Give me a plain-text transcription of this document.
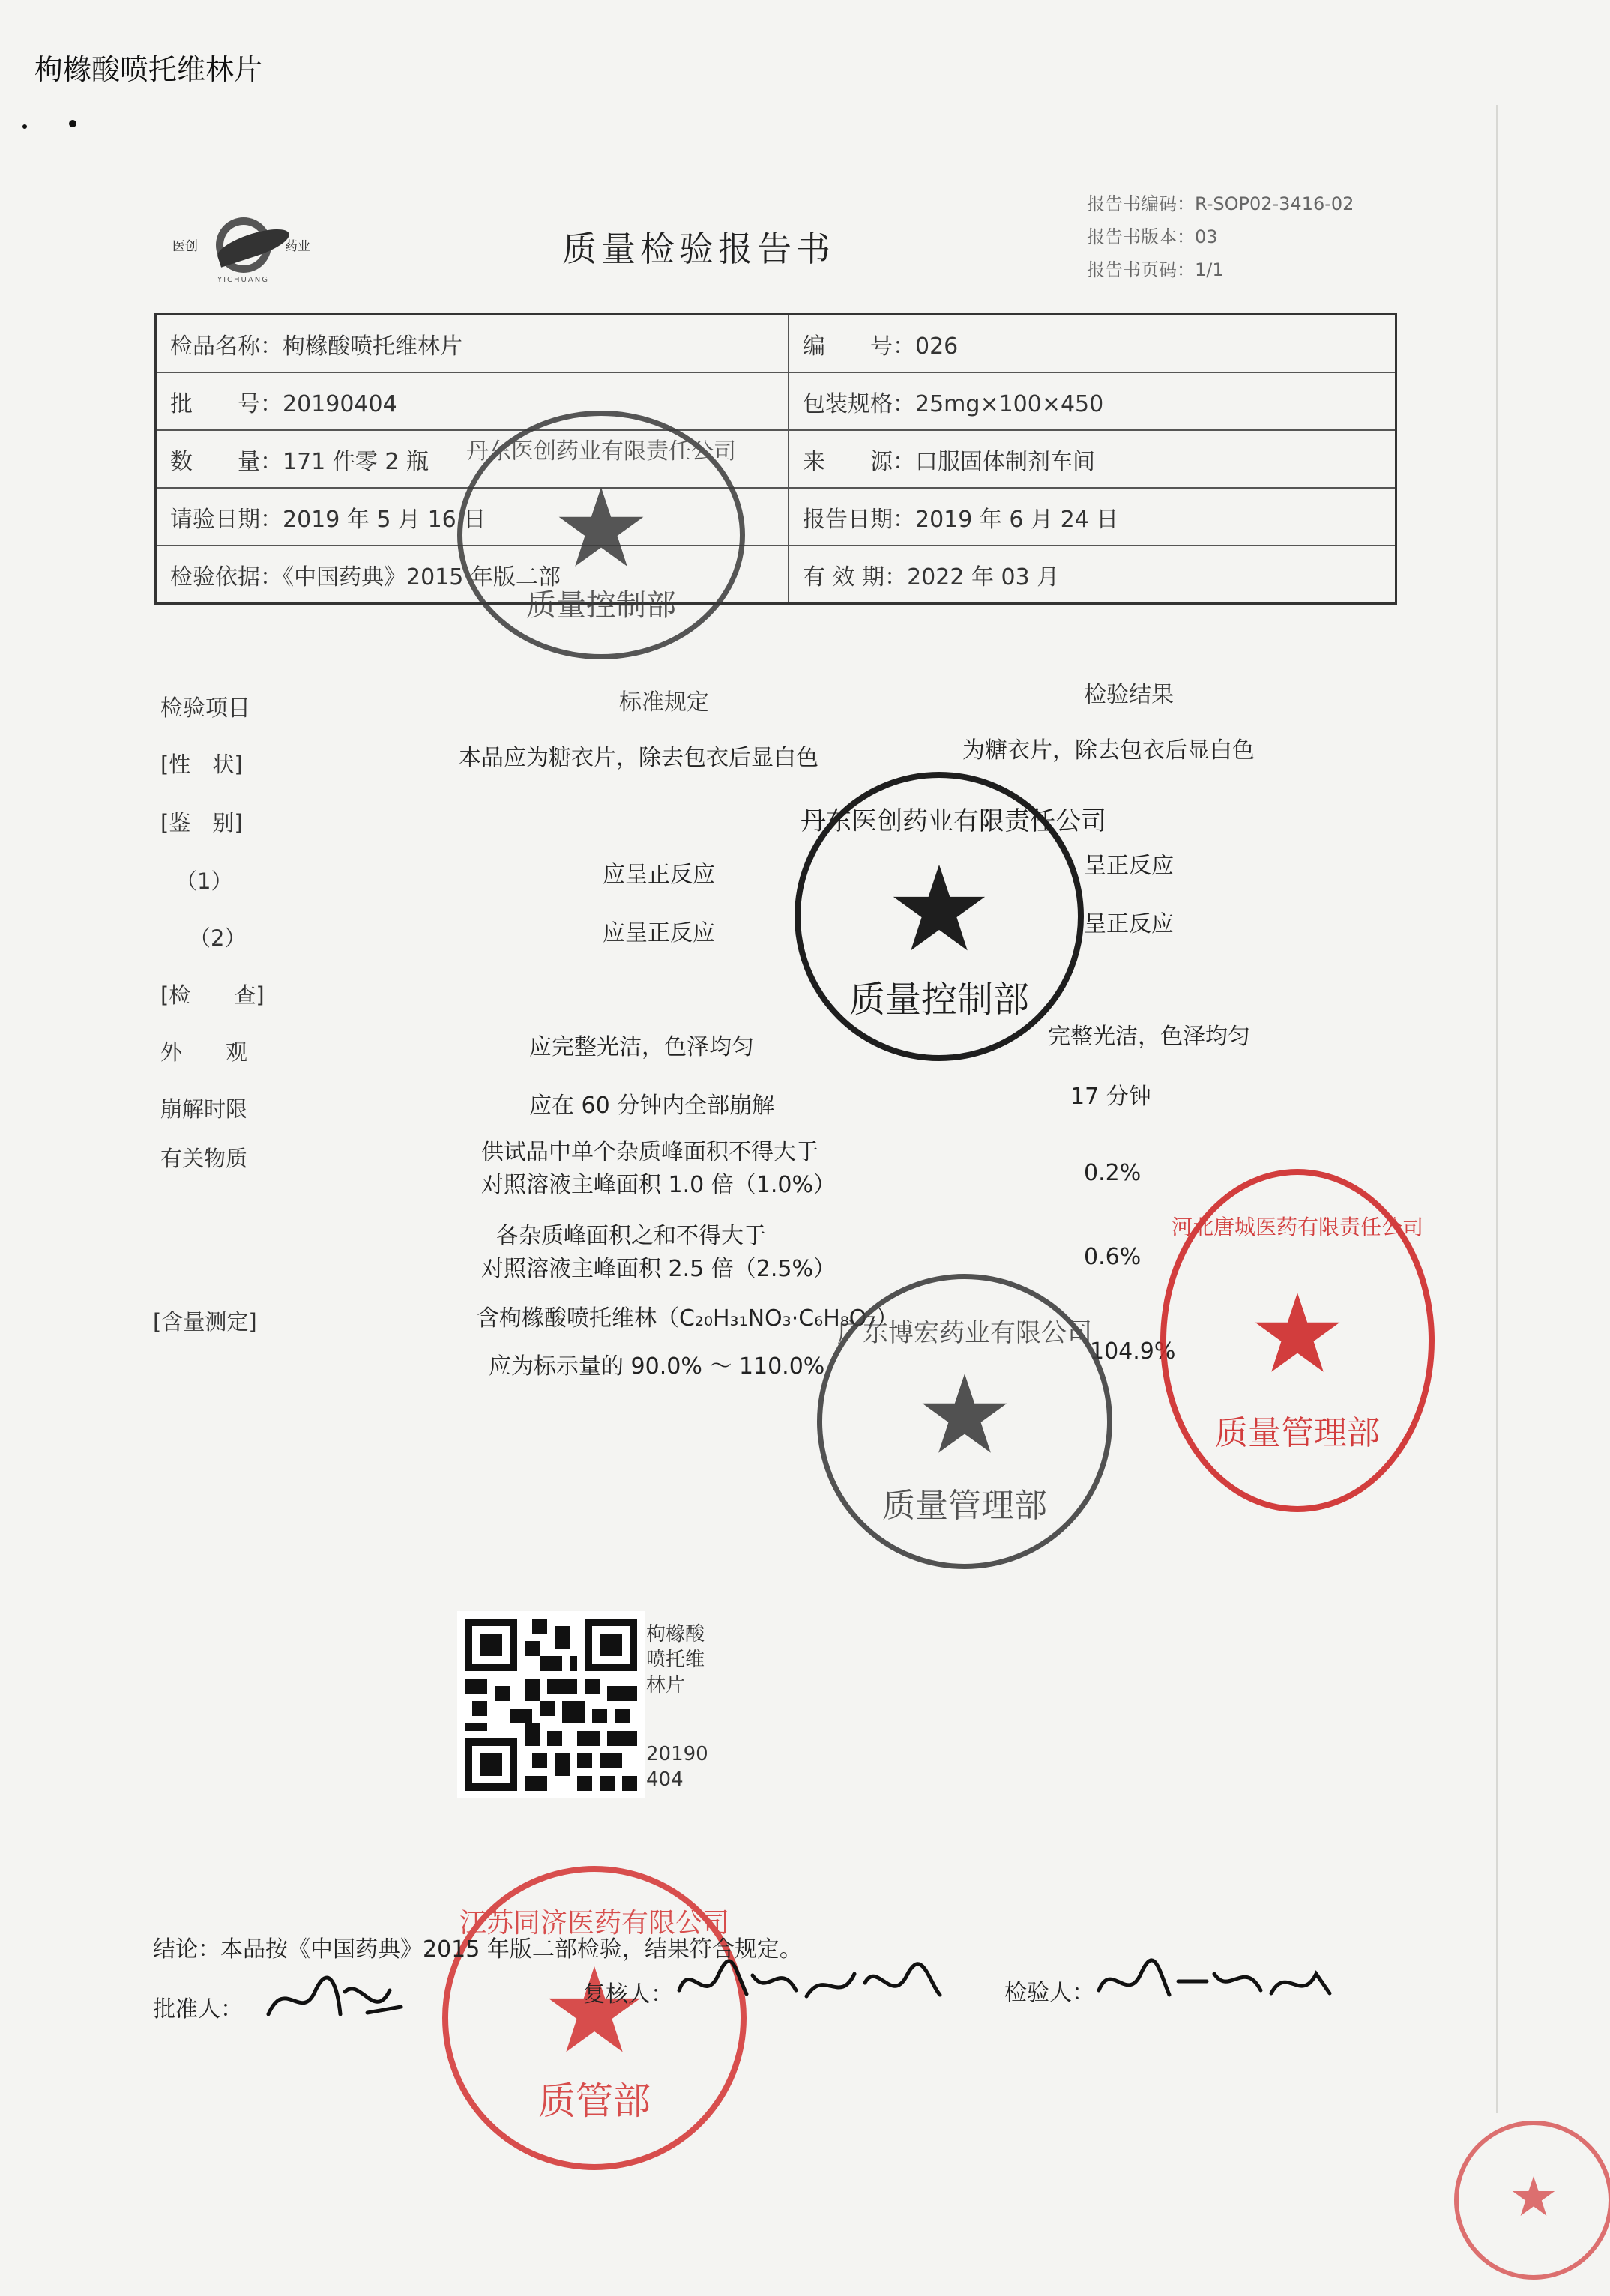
枸橼酸喷托维林片
医创	药业
YICHUANG
质量检验报告书
报告书编码：R-SOP02-3416-02
报告书版本：03
报告书页码：1/1
检品名称：枸橼酸喷托维林片	编　　号：026
批　　号：20190404	包装规格：25mg×100×450
数　　量：171 件零 2 瓶	来　　源：口服固体制剂车间
请验日期：2019 年 5 月 16 日	报告日期：2019 年 6 月 24 日
检验依据：《中国药典》2015 年版二部	有 效 期：2022 年 03 月
检验项目	标准规定	检验结果
[性　状]	本品应为糖衣片，除去包衣后显白色	为糖衣片，除去包衣后显白色
[鉴　别]
（1）	应呈正反应	呈正反应
（2）	应呈正反应	呈正反应
[检　　查]
外　　观	应完整光洁，色泽均匀	完整光洁，色泽均匀
崩解时限	应在 60 分钟内全部崩解	17 分钟
有关物质	供试品中单个杂质峰面积不得大于
对照溶液主峰面积 1.0 倍（1.0%）	0.2%
各杂质峰面积之和不得大于
对照溶液主峰面积 2.5 倍（2.5%）	0.6%
[含量测定]	含枸橼酸喷托维林（C₂₀H₃₁NO₃·C₆H₈O₇）
应为标示量的 90.0% ～ 110.0%
104.9%
丹东医创药业有限责任公司
质量控制部
丹东医创药业有限责任公司
质量控制部
广东博宏药业有限公司
质量管理部
河北唐城医药有限责任公司
质量管理部
江苏同济医药有限公司
质管部
枸橼酸
喷托维
林片
20190
404
结论：本品按《中国药典》2015 年版二部检验，结果符合规定。
批准人：
复核人：	检验人：
